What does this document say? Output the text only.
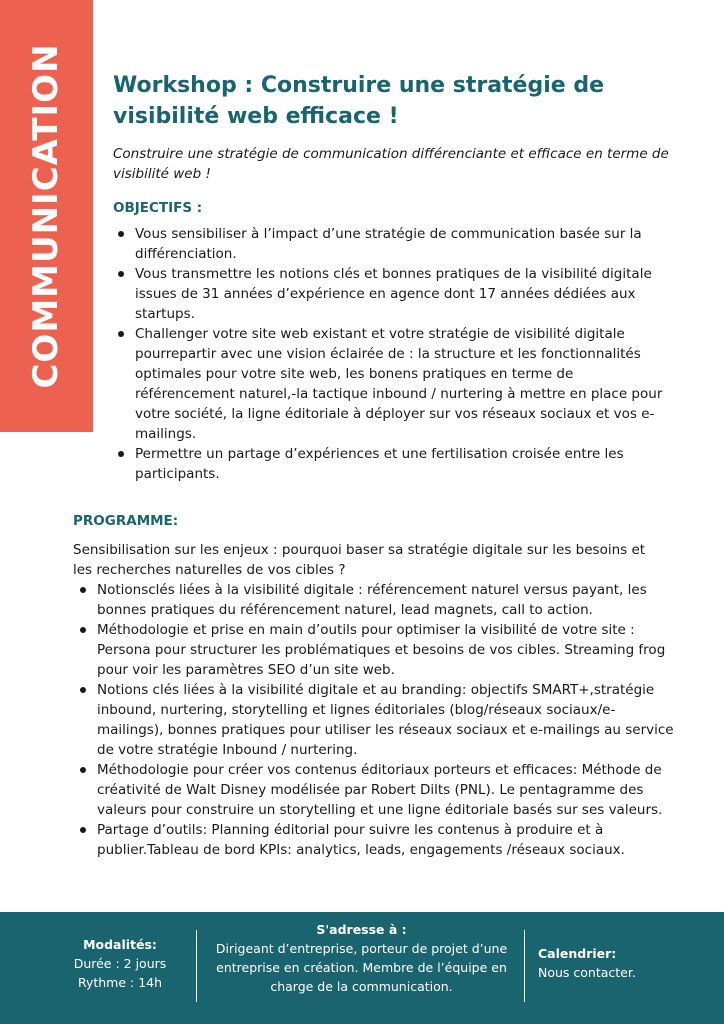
COMMUNICATION Workshop : Construire une stratégie de visibilité web efficace !

Construire une stratégie de communication différenciante et efficace en terme de visibilité web !

OBJECTIFS :
Vous sensibiliser à l’impact d’une stratégie de communication basée sur la différenciation.
Vous transmettre les notions clés et bonnes pratiques de la visibilité digitale issues de 31 années d’expérience en agence dont 17 années dédiées aux startups.
Challenger votre site web existant et votre stratégie de visibilité digitale pourrepartir avec une vision éclairée de : la structure et les fonctionnalités optimales pour votre site web, les bonens pratiques en terme de référencement naturel,-la tactique inbound / nurtering à mettre en place pour votre société, la ligne éditoriale à déployer sur vos réseaux sociaux et vos e-mailings.
Permettre un partage d’expériences et une fertilisation croisée entre les participants.
PROGRAMME:

Sensibilisation sur les enjeux : pourquoi baser sa stratégie digitale sur les besoins et les recherches naturelles de vos cibles ?

Notionsclés liées à la visibilité digitale : référencement naturel versus payant, les bonnes pratiques du référencement naturel, lead magnets, call to action.
Méthodologie et prise en main d’outils pour optimiser la visibilité de votre site : Persona pour structurer les problématiques et besoins de vos cibles. Streaming frog pour voir les paramètres SEO d’un site web.
Notions clés liées à la visibilité digitale et au branding: objectifs SMART+,stratégie inbound, nurtering, storytelling et lignes éditoriales (blog/réseaux sociaux/e-mailings), bonnes pratiques pour utiliser les réseaux sociaux et e-mailings au service de votre stratégie Inbound / nurtering.
Méthodologie pour créer vos contenus éditoriaux porteurs et efficaces: Méthode de créativité de Walt Disney modélisée par Robert Dilts (PNL). Le pentagramme des valeurs pour construire un storytelling et une ligne éditoriale basés sur ses valeurs.
Partage d’outils: Planning éditorial pour suivre les contenus à produire et à publier.Tableau de bord KPIs: analytics, leads, engagements /réseaux sociaux.
Modalités:
Durée : 2 jours
Rythme : 14h
S'adresse à :
Dirigeant d’entreprise, porteur de projet d’une entreprise en création. Membre de l’équipe en charge de la communication.
Calendrier:
Nous contacter.
